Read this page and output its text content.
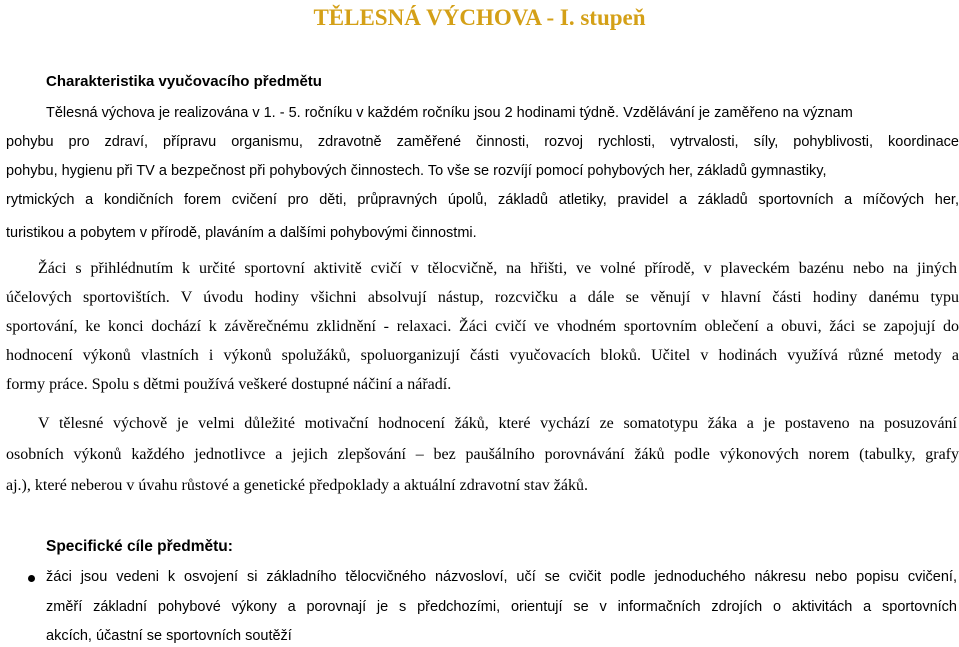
TĚLESNÁ VÝCHOVA - I. stupeň
Charakteristika vyučovacího předmětu
Tělesná výchova je realizována v 1. - 5. ročníku v každém ročníku jsou 2 hodinami týdně. Vzdělávání je zaměřeno na význam
pohybu pro zdraví, přípravu organismu, zdravotně zaměřené činnosti, rozvoj rychlosti, vytrvalosti, síly, pohyblivosti, koordinace
pohybu, hygienu při TV a bezpečnost při pohybových činnostech. To vše se rozvíjí pomocí pohybových her, základů gymnastiky,
rytmických a kondičních forem cvičení pro děti, průpravných úpolů, základů atletiky, pravidel a základů sportovních a míčových her,
turistikou a pobytem v přírodě, plaváním a dalšími pohybovými činnostmi.
Žáci s přihlédnutím k určité sportovní aktivitě cvičí v tělocvičně, na hřišti, ve volné přírodě, v plaveckém bazénu nebo na jiných
účelových sportovištích. V úvodu hodiny všichni absolvují nástup, rozcvičku a dále se věnují v hlavní části hodiny danému typu
sportování, ke konci dochází k závěrečnému zklidnění - relaxaci. Žáci cvičí ve vhodném sportovním oblečení a obuvi, žáci se zapojují do
hodnocení výkonů vlastních i výkonů spolužáků, spoluorganizují části vyučovacích bloků. Učitel v hodinách využívá různé metody a
formy práce. Spolu s dětmi používá veškeré dostupné náčiní a nářadí.
V tělesné výchově je velmi důležité motivační hodnocení žáků, které vychází ze somatotypu žáka a je postaveno na posuzování
osobních výkonů každého jednotlivce a jejich zlepšování – bez paušálního porovnávání žáků podle výkonových norem (tabulky, grafy
aj.), které neberou v úvahu růstové a genetické předpoklady a aktuální zdravotní stav žáků.
Specifické cíle předmětu:
žáci jsou vedeni k osvojení si základního tělocvičného názvosloví, učí se cvičit podle jednoduchého nákresu nebo popisu cvičení,
změří základní pohybové výkony a porovnají je s předchozími, orientují se v informačních zdrojích o aktivitách a sportovních
akcích, účastní se sportovních soutěží
